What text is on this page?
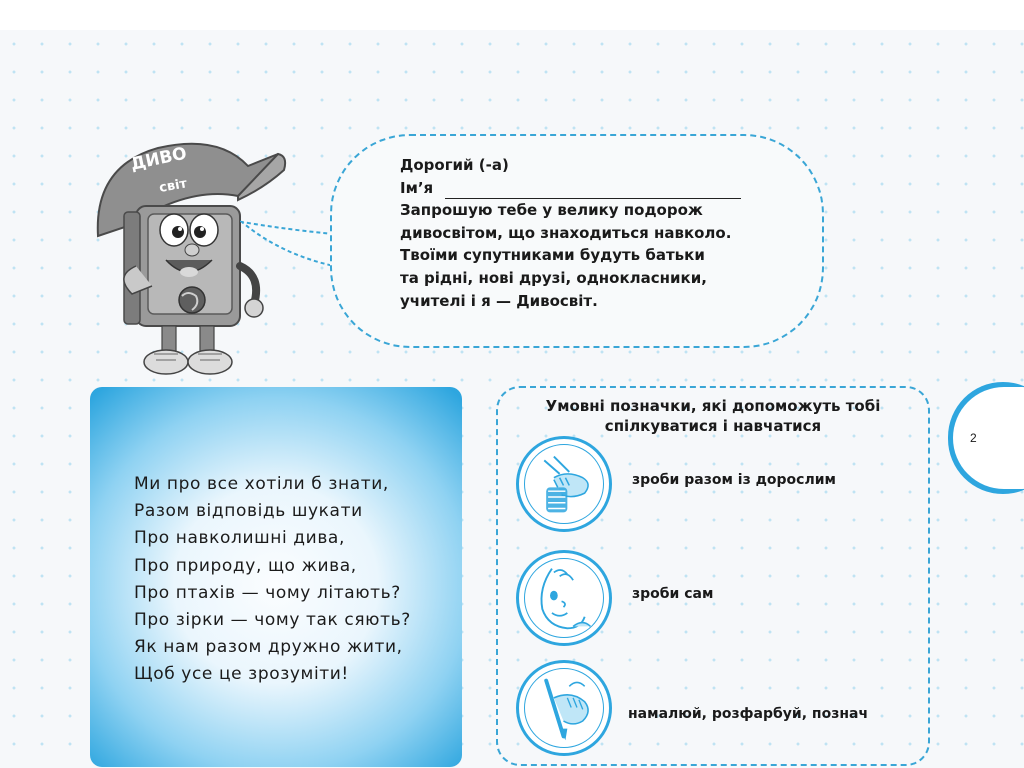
ДИВО
світ
Дорогий (-а)
Ім’я
Запрошую тебе у велику подорож
дивосвітом, що знаходиться навколо.
Твоїми супутниками будуть батьки
та рідні, нові друзі, однокласники,
учителі і я — Дивосвіт.
Ми про все хотіли б знати,
Разом відповідь шукати
Про навколишні дива,
Про природу, що жива,
Про птахів — чому літають?
Про зірки — чому так сяють?
Як нам разом дружно жити,
Щоб усе це зрозуміти!
Умовні позначки, які допоможуть тобі
спілкуватися і навчатися
зроби разом із дорослим
зроби сам
намалюй, розфарбуй, познач
2
